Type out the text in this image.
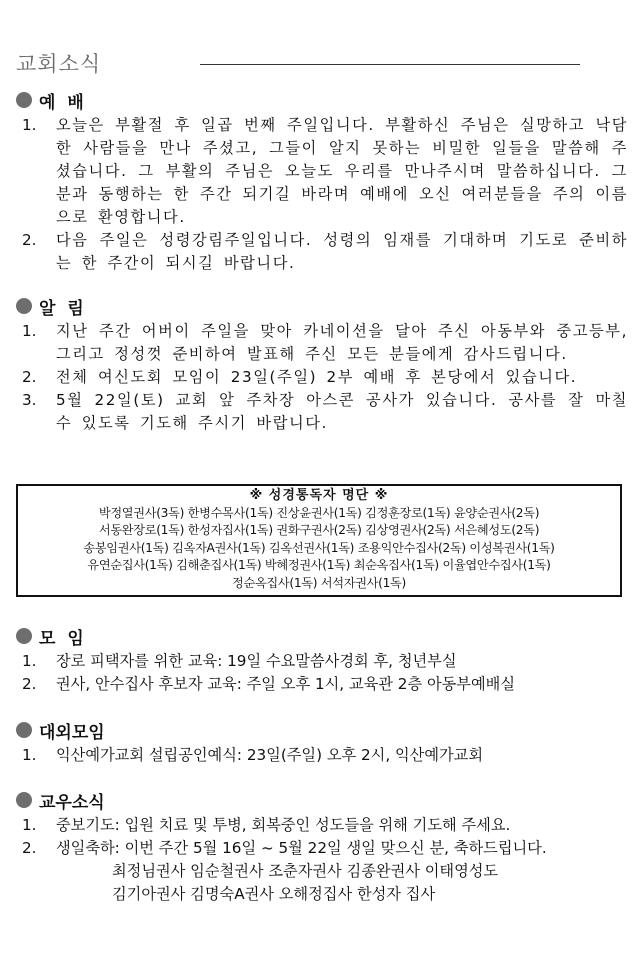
교회소식
예 배
1.	오늘은 부활절 후 일곱 번째 주일입니다. 부활하신 주님은 실망하고 낙담한 사람들을 만나 주셨고, 그들이 알지 못하는 비밀한 일들을 말씀해 주셨습니다. 그 부활의 주님은 오늘도 우리를 만나주시며 말씀하십니다. 그분과 동행하는 한 주간 되기길 바라며 예배에 오신 여러분들을 주의 이름으로 환영합니다.
2.	다음 주일은 성령강림주일입니다. 성령의 임재를 기대하며 기도로 준비하는 한 주간이 되시길 바랍니다.
알 림
1.	지난 주간 어버이 주일을 맞아 카네이션을 달아 주신 아동부와 중고등부, 그리고 정성껏 준비하여 발표해 주신 모든 분들에게 감사드립니다.
2.	전체 여신도회 모임이 23일(주일) 2부 예배 후 본당에서 있습니다.
3.	5월 22일(토) 교회 앞 주차장 아스콘 공사가 있습니다. 공사를 잘 마칠 수 있도록 기도해 주시기 바랍니다.
※ 성경통독자 명단 ※
박정열권사(3독) 한병수목사(1독) 진상윤권사(1독) 김정훈장로(1독) 윤양순권사(2독)
서동완장로(1독) 한성자집사(1독) 권화구권사(2독) 김상영권사(2독) 서은혜성도(2독)
송봉임권사(1독) 김옥자A권사(1독) 김옥선권사(1독) 조용익안수집사(2독) 이성복권사(1독)
유연순집사(1독) 김해춘집사(1독) 박혜정권사(1독) 최순옥집사(1독) 이율엽안수집사(1독)
정순옥집사(1독) 서석자권사(1독)
모 임
1.	장로 피택자를 위한 교육: 19일 수요말씀사경회 후, 청년부실
2.	권사, 안수집사 후보자 교육: 주일 오후 1시, 교육관 2층 아동부예배실
대외모임
1.	익산예가교회 설립공인예식: 23일(주일) 오후 2시, 익산예가교회
교우소식
1.	중보기도: 입원 치료 및 투병, 회복중인 성도들을 위해 기도해 주세요.
2.	생일축하: 이번 주간 5월 16일 ~ 5월 22일 생일 맞으신 분, 축하드립니다.
최정님권사 임순철권사 조춘자권사 김종완권사 이태영성도
김기아권사 김명숙A권사 오해정집사 한성자 집사
